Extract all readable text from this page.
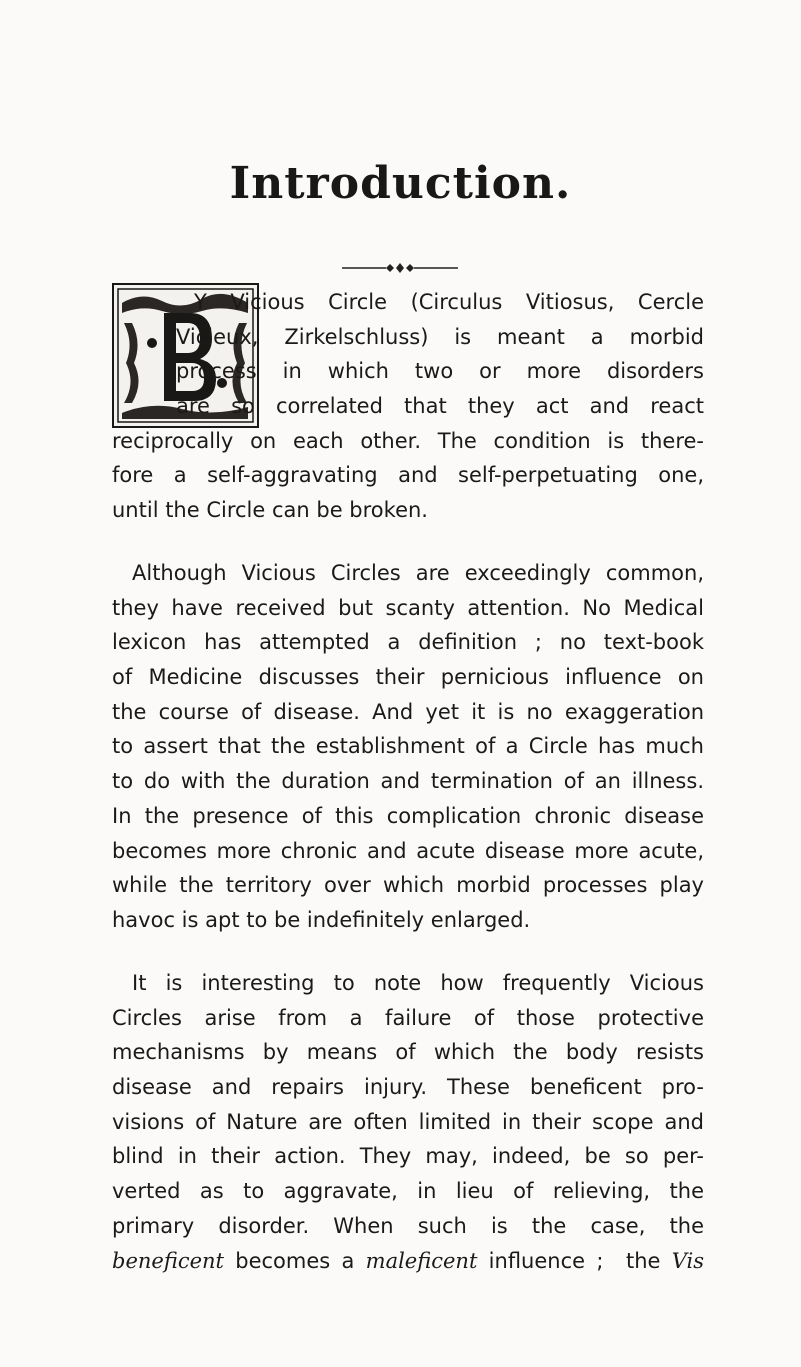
Introduction.
Y Vicious Circle (Circulus Vitiosus, Cercle
Vicieux, Zirkelschluss) is meant a morbid
process in which two or more disorders
are so correlated that they act and react
reciprocally on each other. The condition is there-
fore a self-aggravating and self-perpetuating one,
until the Circle can be broken.
Although Vicious Circles are exceedingly common,
they have received but scanty attention. No Medical
lexicon has attempted a definition ; no text-book
of Medicine discusses their pernicious influence on
the course of disease. And yet it is no exaggeration
to assert that the establishment of a Circle has much
to do with the duration and termination of an illness.
In the presence of this complication chronic disease
becomes more chronic and acute disease more acute,
while the territory over which morbid processes play
havoc is apt to be indefinitely enlarged.
It is interesting to note how frequently Vicious
Circles arise from a failure of those protective
mechanisms by means of which the body resists
disease and repairs injury. These beneficent pro-
visions of Nature are often limited in their scope and
blind in their action. They may, indeed, be so per-
verted as to aggravate, in lieu of relieving, the
primary disorder. When such is the case, the
beneficent becomes a maleficent influence ;  the Vis
